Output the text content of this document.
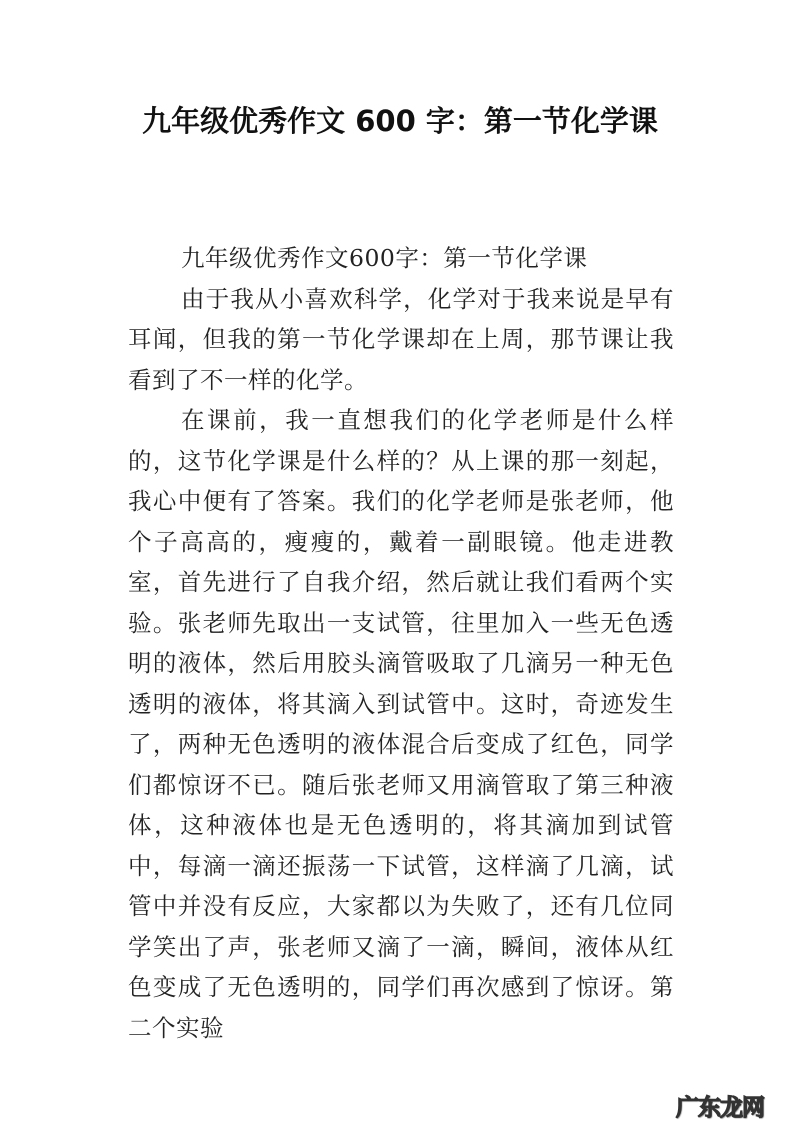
九年级优秀作文 600 字：第一节化学课

九年级优秀作文600字：第一节化学课

由于我从小喜欢科学，化学对于我来说是早有耳闻，但我的第一节化学课却在上周，那节课让我看到了不一样的化学。

在课前，我一直想我们的化学老师是什么样的，这节化学课是什么样的？从上课的那一刻起，我心中便有了答案。我们的化学老师是张老师，他个子高高的，瘦瘦的，戴着一副眼镜。他走进教室，首先进行了自我介绍，然后就让我们看两个实验。张老师先取出一支试管，往里加入一些无色透明的液体，然后用胶头滴管吸取了几滴另一种无色透明的液体，将其滴入到试管中。这时，奇迹发生了，两种无色透明的液体混合后变成了红色，同学们都惊讶不已。随后张老师又用滴管取了第三种液体，这种液体也是无色透明的，将其滴加到试管中，每滴一滴还振荡一下试管，这样滴了几滴，试管中并没有反应，大家都以为失败了，还有几位同学笑出了声，张老师又滴了一滴，瞬间，液体从红色变成了无色透明的，同学们再次感到了惊讶。第二个实验

广东龙网
